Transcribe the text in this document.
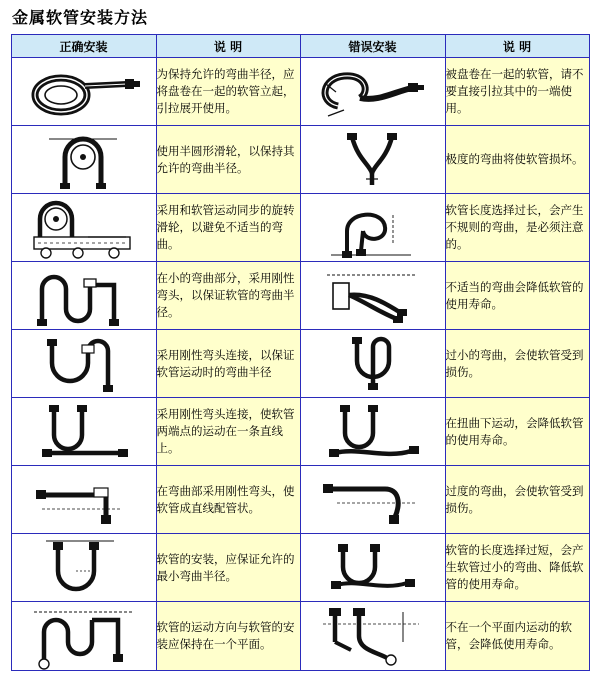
金属软管安装方法
正确安装	说 明	错误安装	说 明

	为保持允许的弯曲半径，应将盘卷在一起的软管立起，引拉展开使用。		被盘卷在一起的软管，请不要直接引拉其中的一端使用。

	使用半圆形滑轮，以保持其允许的弯曲半径。		极度的弯曲将使软管损坏。

	采用和软管运动同步的旋转滑轮，以避免不适当的弯曲。		软管长度选择过长，会产生不规则的弯曲，是必须注意的。

	在小的弯曲部分，采用刚性弯头，以保证软管的弯曲半径。		不适当的弯曲会降低软管的使用寿命。

	采用刚性弯头连接，以保证软管运动时的弯曲半径		过小的弯曲，会使软管受到损伤。

	采用刚性弯头连接，使软管两端点的运动在一条直线上。		在扭曲下运动，会降低软管的使用寿命。

	在弯曲部采用刚性弯头，使软管成直线配管状。		过度的弯曲，会使软管受到损伤。

	软管的安装，应保证允许的最小弯曲半径。		软管的长度选择过短，会产生软管过小的弯曲、降低软管的使用寿命。

	软管的运动方向与软管的安装应保持在一个平面。		不在一个平面内运动的软管，会降低使用寿命。
